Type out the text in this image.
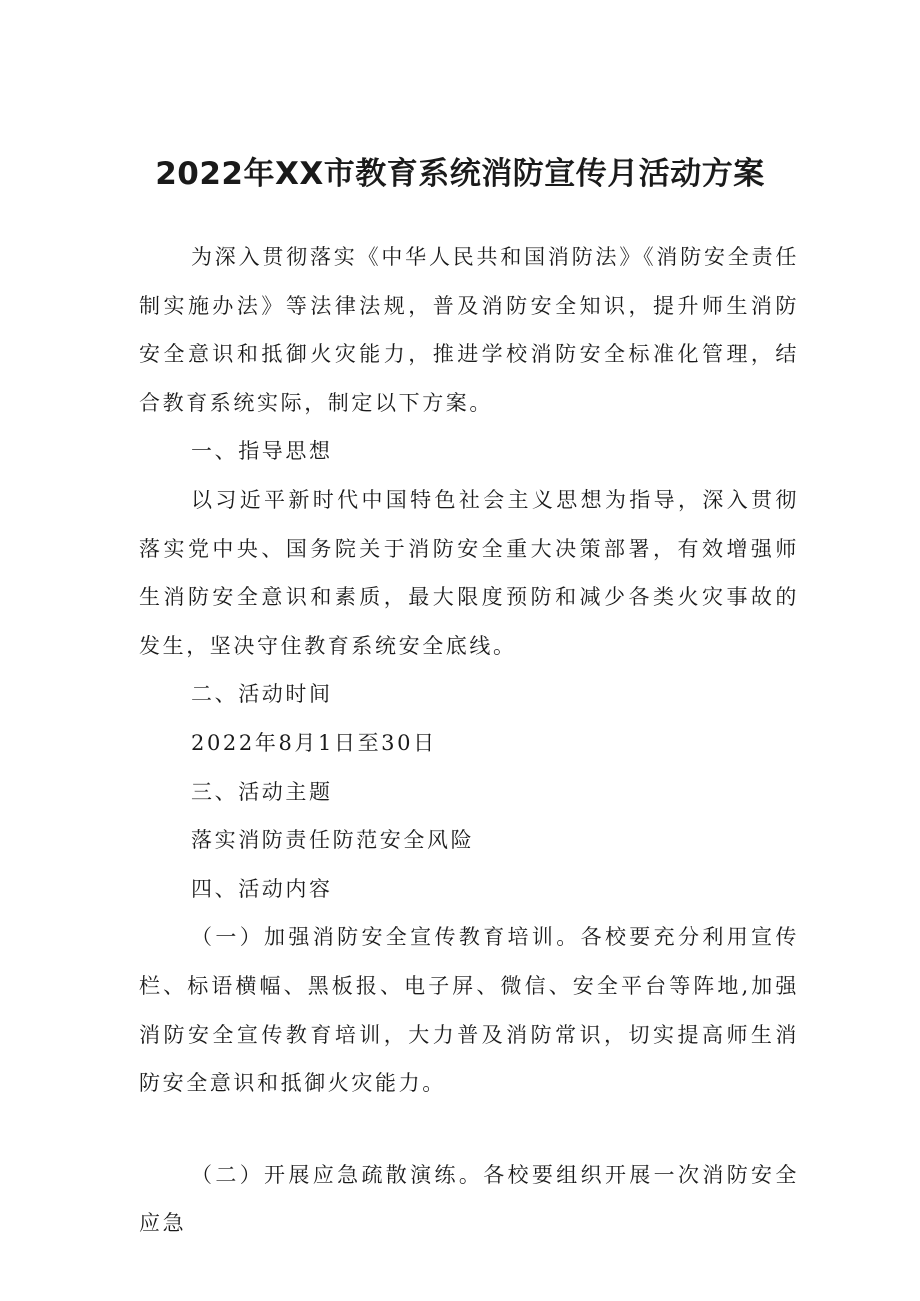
2022年XX市教育系统消防宣传月活动方案

为深入贯彻落实《中华人民共和国消防法》《消防安全责任制实施办法》等法律法规，普及消防安全知识，提升师生消防安全意识和抵御火灾能力，推进学校消防安全标准化管理，结合教育系统实际，制定以下方案。

一、指导思想

以习近平新时代中国特色社会主义思想为指导，深入贯彻落实党中央、国务院关于消防安全重大决策部署，有效增强师生消防安全意识和素质，最大限度预防和减少各类火灾事故的发生，坚决守住教育系统安全底线。

二、活动时间

2022年8月1日至30日

三、活动主题

落实消防责任防范安全风险

四、活动内容

（一）加强消防安全宣传教育培训。各校要充分利用宣传栏、标语横幅、黑板报、电子屏、微信、安全平台等阵地,加强消防安全宣传教育培训，大力普及消防常识，切实提高师生消防安全意识和抵御火灾能力。

（二）开展应急疏散演练。各校要组织开展一次消防安全应急
